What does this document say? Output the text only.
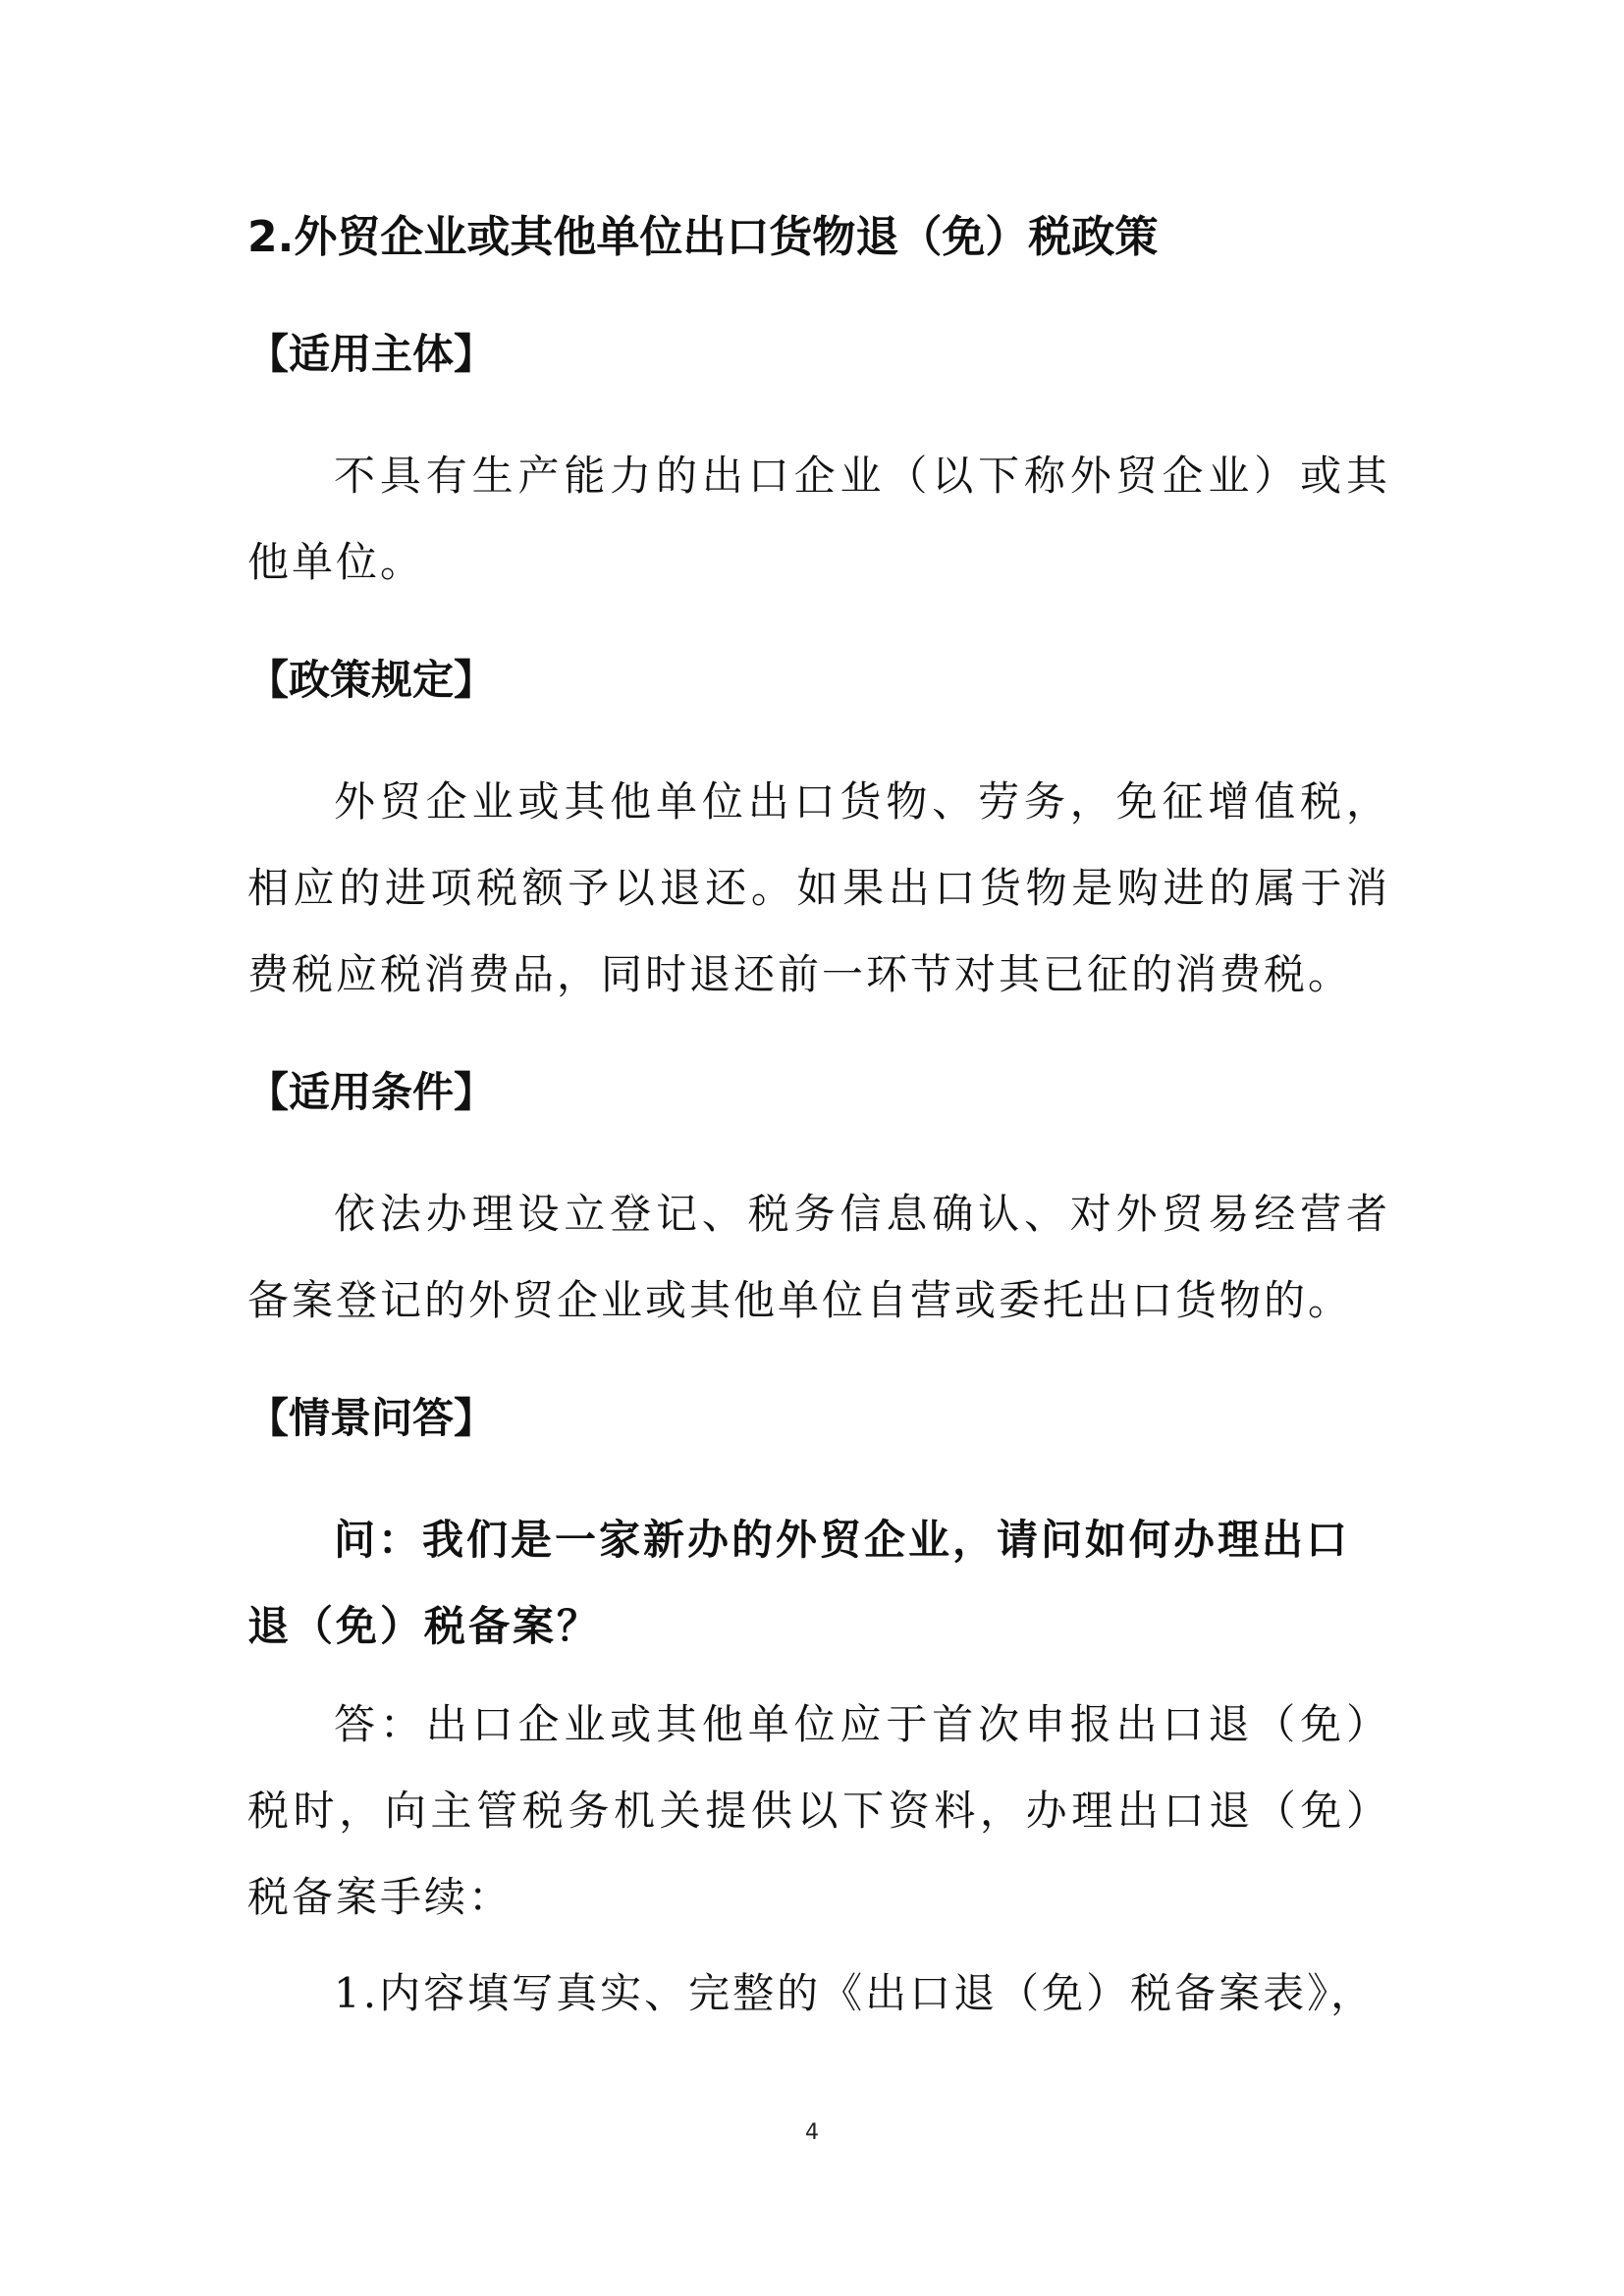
2.外贸企业或其他单位出口货物退（免）税政策
【适用主体】

不具有生产能力的出口企业（以下称外贸企业）或其他单位。

【政策规定】

外贸企业或其他单位出口货物、劳务，免征增值税，相应的进项税额予以退还。如果出口货物是购进的属于消费税应税消费品，同时退还前一环节对其已征的消费税。

【适用条件】

依法办理设立登记、税务信息确认、对外贸易经营者备案登记的外贸企业或其他单位自营或委托出口货物的。

【情景问答】

问：我们是一家新办的外贸企业，请问如何办理出口退（免）税备案？

答：出口企业或其他单位应于首次申报出口退（免）税时，向主管税务机关提供以下资料，办理出口退（免）税备案手续：

1.内容填写真实、完整的《出口退（免）税备案表》，

4
